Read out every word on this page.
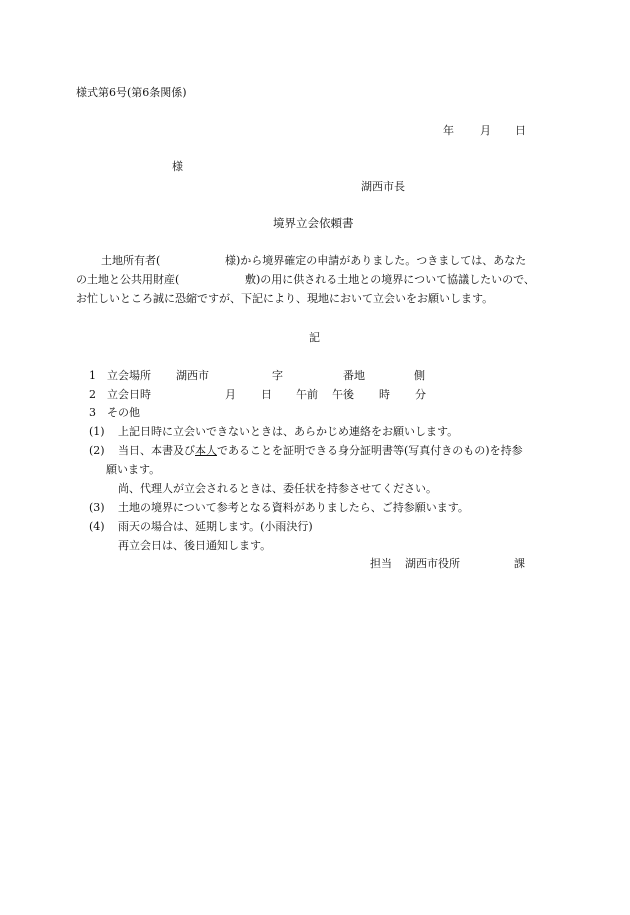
様式第6号(第6条関係)
年 月 日
様
湖西市長
境界立会依頼書
土地所有者(	様)から境界確定の申請がありました。つきましては、あなた
の土地と公共用財産(	敷)の用に供される土地との境界について協議したいので、
お忙しいところ誠に恐縮ですが、下記により、現地において立会いをお願いします。
記
1 立会場所 湖西市	字	番地	側
2 立会日時	月 日 午前 午後 時 分
3 その他
(1) 上記日時に立会いできないときは、あらかじめ連絡をお願いします。
(2) 当日、本書及び本人であることを証明できる身分証明書等(写真付きのもの)を持参
願います。
尚、代理人が立会されるときは、委任状を持参させてください。
(3) 土地の境界について参考となる資料がありましたら、ご持参願います。
(4) 雨天の場合は、延期します。(小雨決行)
再立会日は、後日通知します。
担当 湖西市役所	課
